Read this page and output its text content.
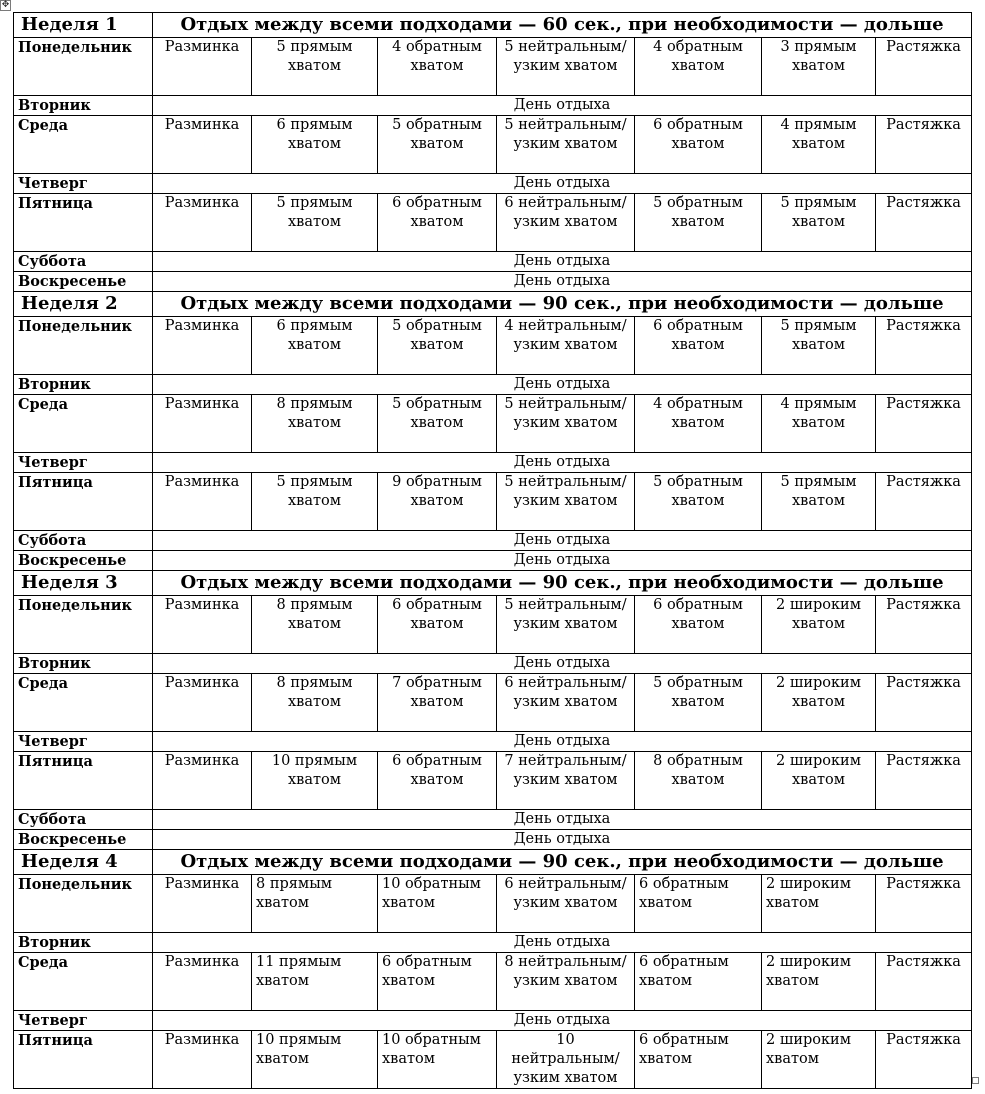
✥
Неделя 1	Отдых между всеми подходами — 60 сек., при необходимости — дольше						
Понедельник	Разминка	5 прямым хватом	4 обратным хватом	5 нейтральным/ узким хватом	4 обратным хватом	3 прямым хватом	Растяжка
Вторник	День отдыха						
Среда	Разминка	6 прямым хватом	5 обратным хватом	5 нейтральным/ узким хватом	6 обратным хватом	4 прямым хватом	Растяжка
Четверг	День отдыха						
Пятница	Разминка	5 прямым хватом	6 обратным хватом	6 нейтральным/ узким хватом	5 обратным хватом	5 прямым хватом	Растяжка
Суббота	День отдыха						
Воскресенье	День отдыха						
Неделя 2	Отдых между всеми подходами — 90 сек., при необходимости — дольше						
Понедельник	Разминка	6 прямым хватом	5 обратным хватом	4 нейтральным/ узким хватом	6 обратным хватом	5 прямым хватом	Растяжка
Вторник	День отдыха						
Среда	Разминка	8 прямым хватом	5 обратным хватом	5 нейтральным/ узким хватом	4 обратным хватом	4 прямым хватом	Растяжка
Четверг	День отдыха						
Пятница	Разминка	5 прямым хватом	9 обратным хватом	5 нейтральным/ узким хватом	5 обратным хватом	5 прямым хватом	Растяжка
Суббота	День отдыха						
Воскресенье	День отдыха						
Неделя 3	Отдых между всеми подходами — 90 сек., при необходимости — дольше						
Понедельник	Разминка	8 прямым хватом	6 обратным хватом	5 нейтральным/ узким хватом	6 обратным хватом	2 широким хватом	Растяжка
Вторник	День отдыха						
Среда	Разминка	8 прямым хватом	7 обратным хватом	6 нейтральным/ узким хватом	5 обратным хватом	2 широким хватом	Растяжка
Четверг	День отдыха						
Пятница	Разминка	10 прямым хватом	6 обратным хватом	7 нейтральным/ узким хватом	8 обратным хватом	2 широким хватом	Растяжка
Суббота	День отдыха						
Воскресенье	День отдыха						
Неделя 4	Отдых между всеми подходами — 90 сек., при необходимости — дольше						
Понедельник	Разминка	8 прямым хватом	10 обратным хватом	6 нейтральным/ узким хватом	6 обратным хватом	2 широким хватом	Растяжка
Вторник	День отдыха						
Среда	Разминка	11 прямым хватом	6 обратным хватом	8 нейтральным/ узким хватом	6 обратным хватом	2 широким хватом	Растяжка
Четверг	День отдыха						
Пятница	Разминка	10 прямым хватом	10 обратным хватом	10 нейтральным/ узким хватом	6 обратным хватом	2 широким хватом	Растяжка
